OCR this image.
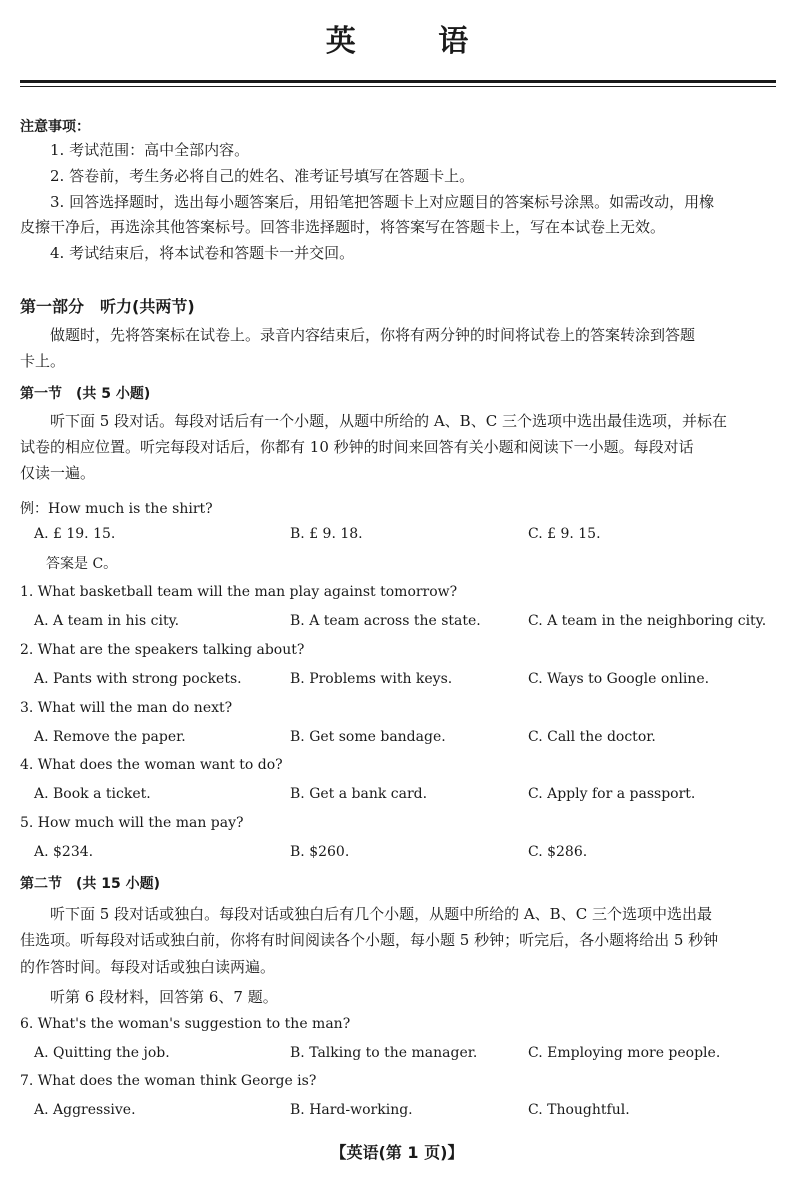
英 语
注意事项：
1. 考试范围：高中全部内容。
2. 答卷前，考生务必将自己的姓名、准考证号填写在答题卡上。
3. 回答选择题时，选出每小题答案后，用铅笔把答题卡上对应题目的答案标号涂黑。如需改动，用橡
皮擦干净后，再选涂其他答案标号。回答非选择题时，将答案写在答题卡上，写在本试卷上无效。
4. 考试结束后，将本试卷和答题卡一并交回。
第一部分　听力(共两节)
做题时，先将答案标在试卷上。录音内容结束后，你将有两分钟的时间将试卷上的答案转涂到答题
卡上。
第一节　(共 5 小题)
听下面 5 段对话。每段对话后有一个小题，从题中所给的 A、B、C 三个选项中选出最佳选项，并标在
试卷的相应位置。听完每段对话后，你都有 10 秒钟的时间来回答有关小题和阅读下一小题。每段对话
仅读一遍。
例：How much is the shirt?
A. £ 19. 15.	B. £ 9. 18.	C. £ 9. 15.
答案是 C。
1. What basketball team will the man play against tomorrow?
A. A team in his city.	B. A team across the state.	C. A team in the neighboring city.
2. What are the speakers talking about?
A. Pants with strong pockets.	B. Problems with keys.	C. Ways to Google online.
3. What will the man do next?
A. Remove the paper.	B. Get some bandage.	C. Call the doctor.
4. What does the woman want to do?
A. Book a ticket.	B. Get a bank card.	C. Apply for a passport.
5. How much will the man pay?
A. $234.	B. $260.	C. $286.
第二节　(共 15 小题)
听下面 5 段对话或独白。每段对话或独白后有几个小题，从题中所给的 A、B、C 三个选项中选出最
佳选项。听每段对话或独白前，你将有时间阅读各个小题，每小题 5 秒钟；听完后，各小题将给出 5 秒钟
的作答时间。每段对话或独白读两遍。
听第 6 段材料，回答第 6、7 题。
6. What's the woman's suggestion to the man?
A. Quitting the job.	B. Talking to the manager.	C. Employing more people.
7. What does the woman think George is?
A. Aggressive.	B. Hard-working.	C. Thoughtful.
【英语(第 1 页)】
